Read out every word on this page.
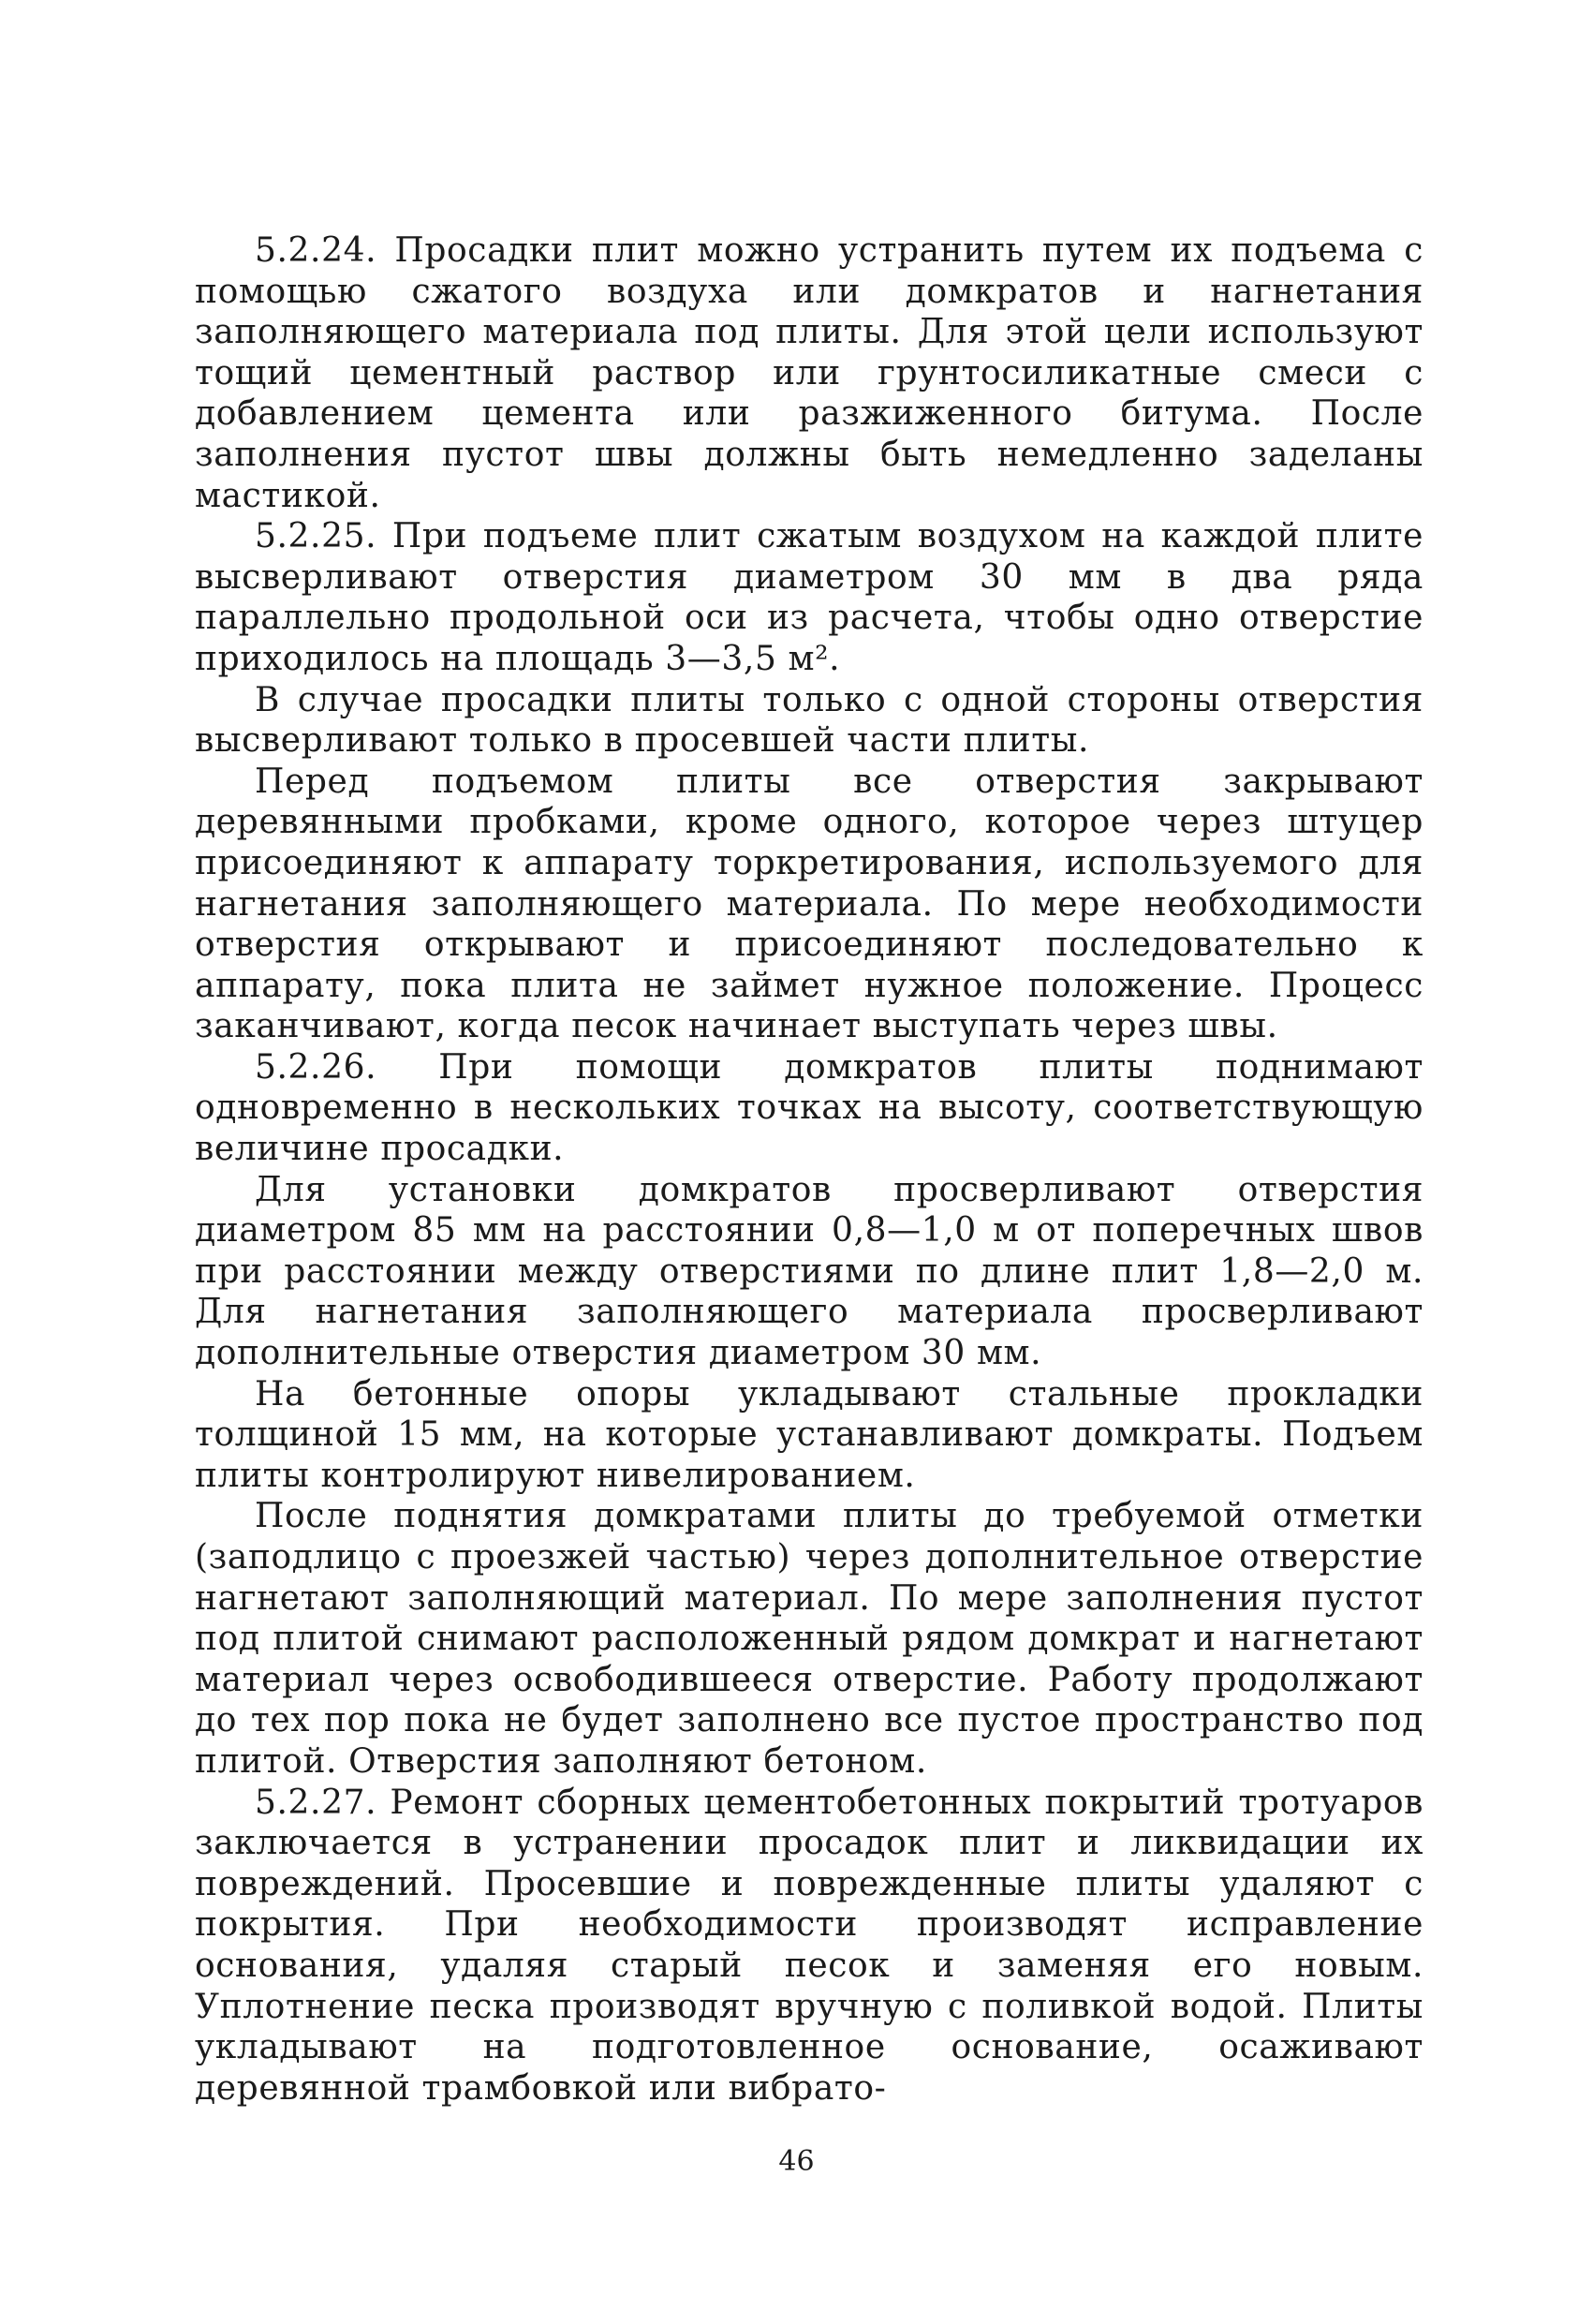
5.2.24. Просадки плит можно устранить путем их подъема с помощью сжатого воздуха или домкратов и нагнетания заполняющего материала под плиты. Для этой цели используют тощий цементный раствор или грунтосиликатные смеси с добавлением цемента или разжиженного битума. После заполнения пустот швы должны быть немедленно заделаны мастикой.

5.2.25. При подъеме плит сжатым воздухом на каждой плите высверливают отверстия диаметром 30 мм в два ряда параллельно продольной оси из расчета, чтобы одно отверстие приходилось на площадь 3—3,5 м².

В случае просадки плиты только с одной стороны отверстия высверливают только в просевшей части плиты.

Перед подъемом плиты все отверстия закрывают деревянными пробками, кроме одного, которое через штуцер присоединяют к аппарату торкретирования, используемого для нагнетания заполняющего материала. По мере необходимости отверстия открывают и присоединяют последовательно к аппарату, пока плита не займет нужное положение. Процесс заканчивают, когда песок начинает выступать через швы.

5.2.26. При помощи домкратов плиты поднимают одновременно в нескольких точках на высоту, соответствующую величине просадки.

Для установки домкратов просверливают отверстия диаметром 85 мм на расстоянии 0,8—1,0 м от поперечных швов при расстоянии между отверстиями по длине плит 1,8—2,0 м. Для нагнетания заполняющего материала просверливают дополнительные отверстия диаметром 30 мм.

На бетонные опоры укладывают стальные прокладки толщиной 15 мм, на которые устанавливают домкраты. Подъем плиты контролируют нивелированием.

После поднятия домкратами плиты до требуемой отметки (заподлицо с проезжей частью) через дополнительное отверстие нагнетают заполняющий материал. По мере заполнения пустот под плитой снимают расположенный рядом домкрат и нагнетают материал через освободившееся отверстие. Работу продолжают до тех пор пока не будет заполнено все пустое пространство под плитой. Отверстия заполняют бетоном.

5.2.27. Ремонт сборных цементобетонных покрытий тротуаров заключается в устранении просадок плит и ликвидации их повреждений. Просевшие и поврежденные плиты удаляют с покрытия. При необходимости производят исправление основания, удаляя старый песок и заменяя его новым. Уплотнение песка производят вручную с поливкой водой. Плиты укладывают на подготовленное основание, осаживают деревянной трамбовкой или вибрато-

46
